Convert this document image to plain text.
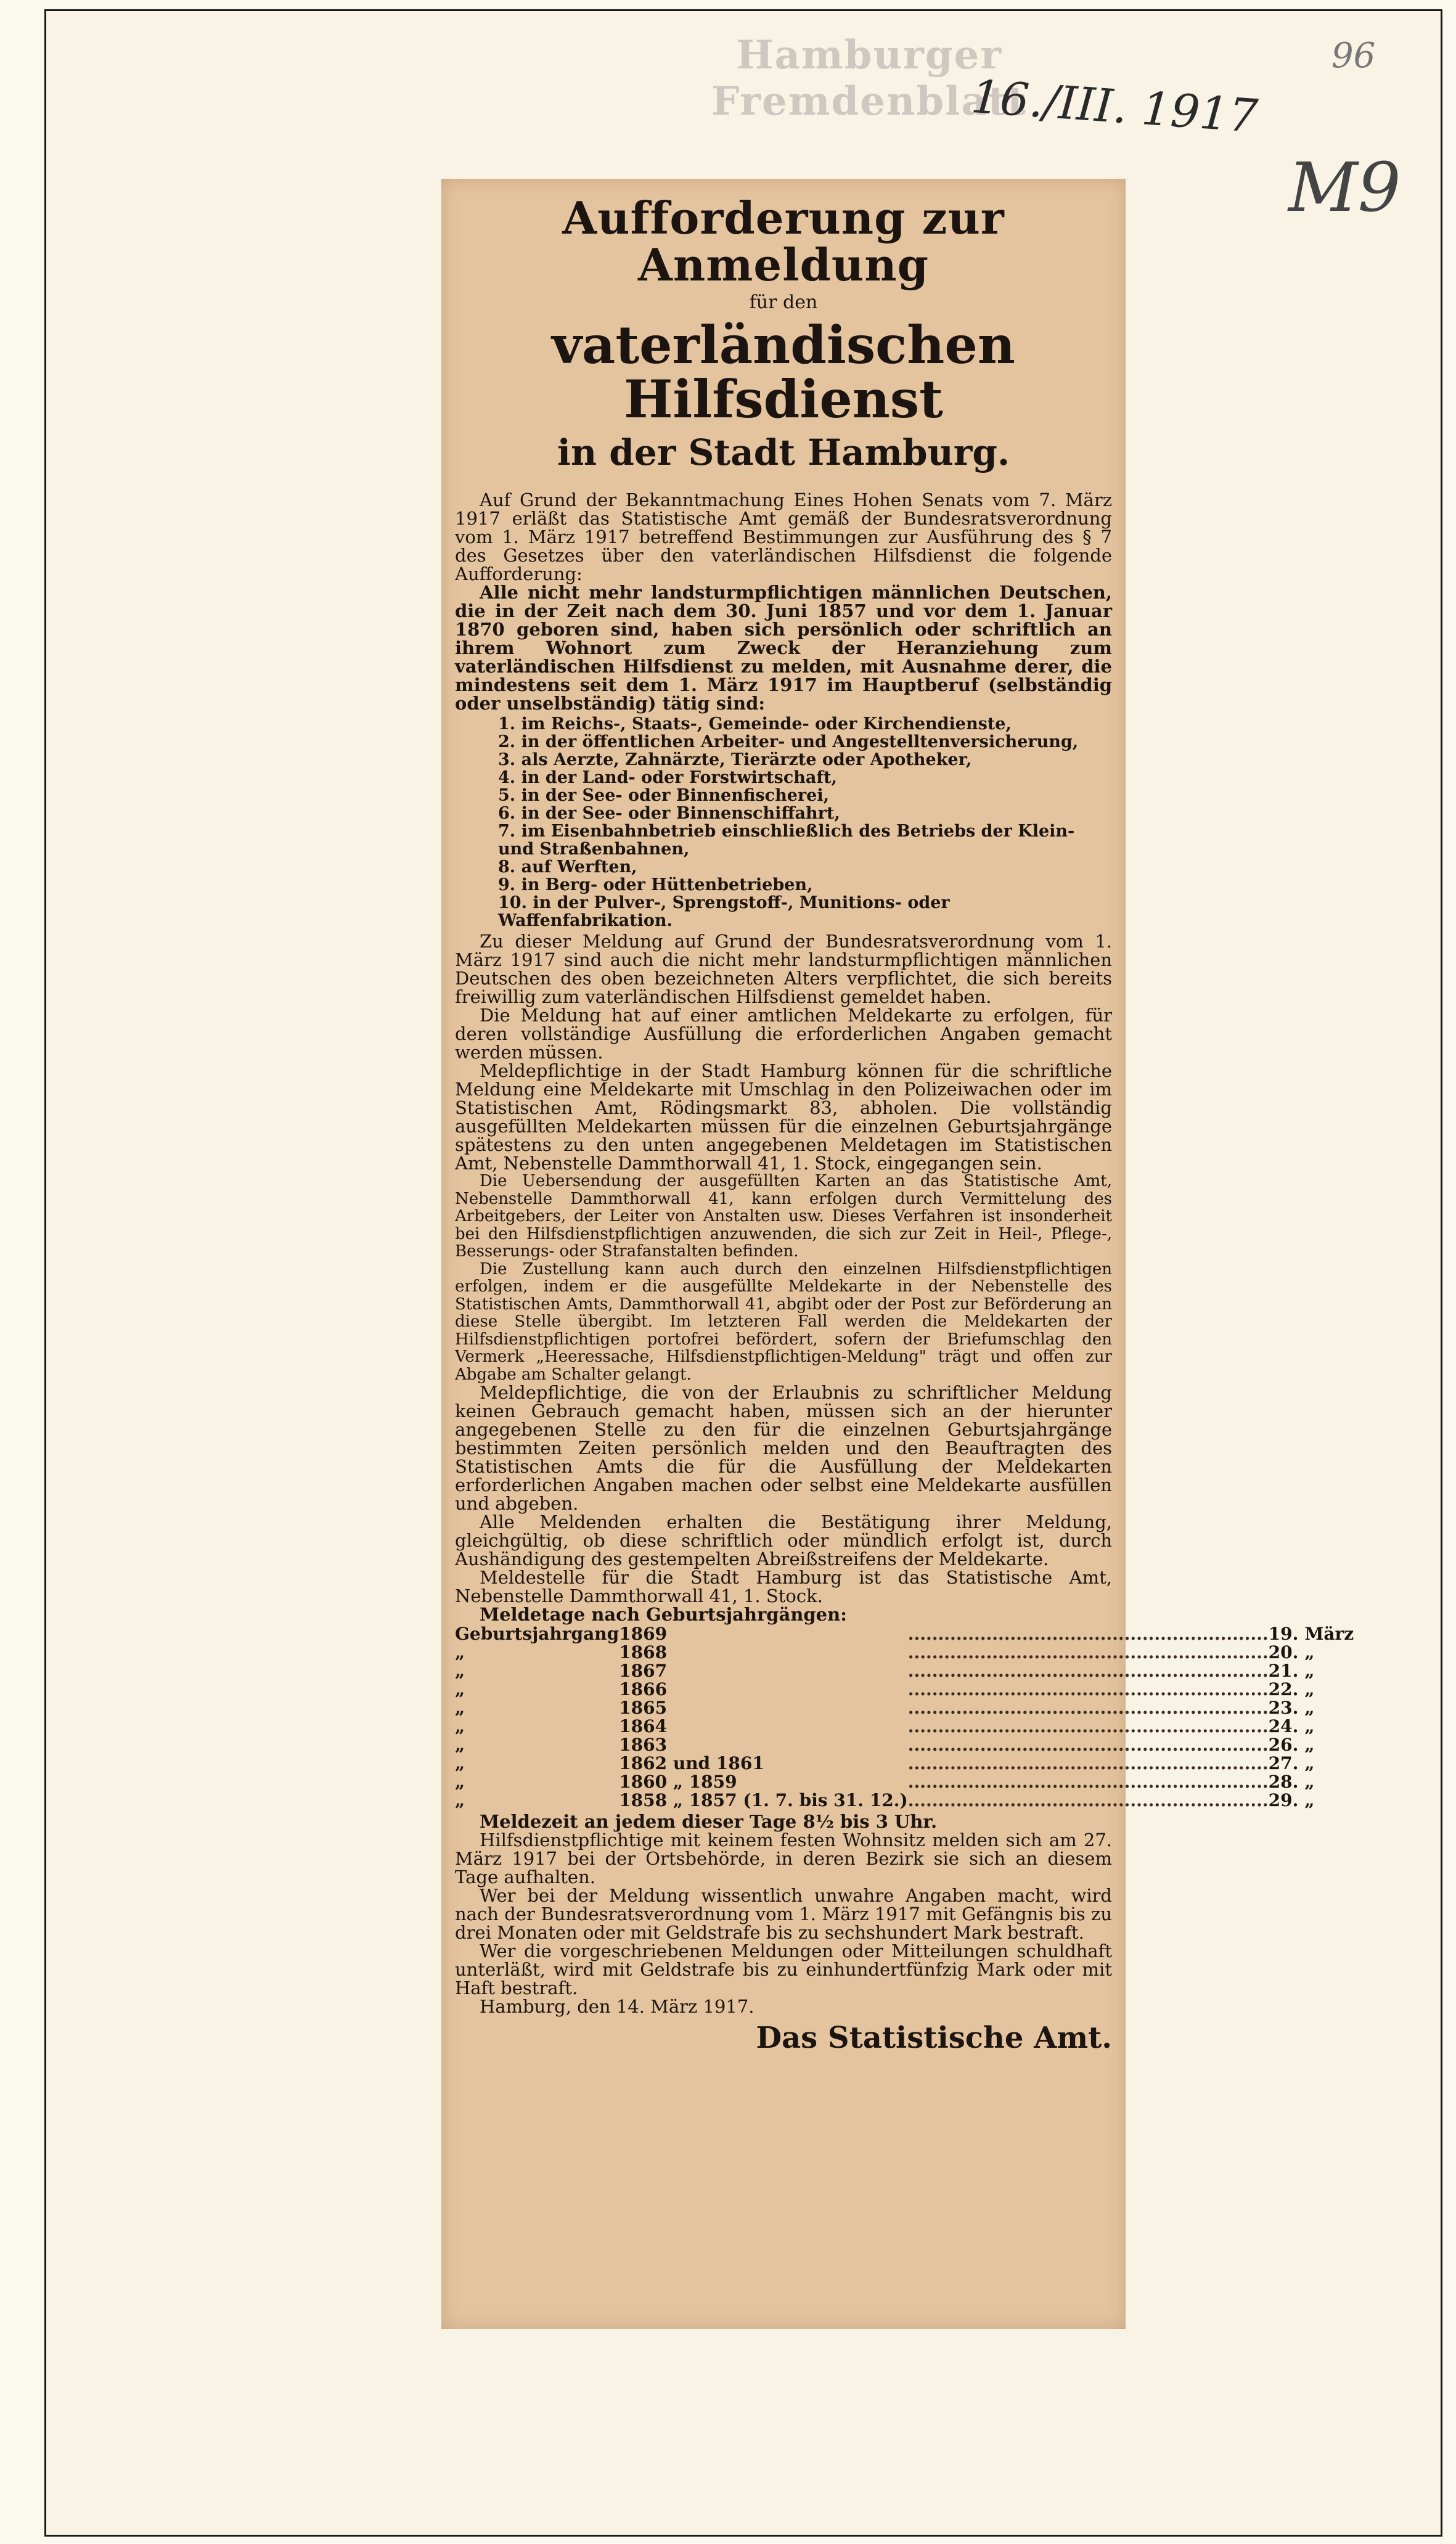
Hamburger Fremdenblatt
16./III. 1917
96
M9
Aufforderung zur Anmeldung
für den
vaterländischen Hilfsdienst
in der Stadt Hamburg.

Auf Grund der Bekanntmachung Eines Hohen Senats vom 7. März 1917 erläßt das Statistische Amt gemäß der Bundesratsverordnung vom 1. März 1917 betreffend Bestimmungen zur Ausführung des § 7 des Gesetzes über den vaterländischen Hilfsdienst die folgende Aufforderung:

Alle nicht mehr landsturmpflichtigen männlichen Deutschen, die in der Zeit nach dem 30. Juni 1857 und vor dem 1. Januar 1870 geboren sind, haben sich persönlich oder schriftlich an ihrem Wohnort zum Zweck der Heranziehung zum vaterländischen Hilfsdienst zu melden, mit Ausnahme derer, die mindestens seit dem 1. März 1917 im Hauptberuf (selbständig oder unselbständig) tätig sind:

1. im Reichs-, Staats-, Gemeinde- oder Kirchendienste,
2. in der öffentlichen Arbeiter- und Angestelltenversicherung,
3. als Aerzte, Zahnärzte, Tierärzte oder Apotheker,
4. in der Land- oder Forstwirtschaft,
5. in der See- oder Binnenfischerei,
6. in der See- oder Binnenschiffahrt,
7. im Eisenbahnbetrieb einschließlich des Betriebs der Klein- und Straßenbahnen,
8. auf Werften,
9. in Berg- oder Hüttenbetrieben,
10. in der Pulver-, Sprengstoff-, Munitions- oder Waffenfabrikation.

Zu dieser Meldung auf Grund der Bundesratsverordnung vom 1. März 1917 sind auch die nicht mehr landsturmpflichtigen männlichen Deutschen des oben bezeichneten Alters verpflichtet, die sich bereits freiwillig zum vaterländischen Hilfsdienst gemeldet haben.

Die Meldung hat auf einer amtlichen Meldekarte zu erfolgen, für deren vollständige Ausfüllung die erforderlichen Angaben gemacht werden müssen.

Meldepflichtige in der Stadt Hamburg können für die schriftliche Meldung eine Meldekarte mit Umschlag in den Polizeiwachen oder im Statistischen Amt, Rödingsmarkt 83, abholen. Die vollständig ausgefüllten Meldekarten müssen für die einzelnen Geburtsjahrgänge spätestens zu den unten angegebenen Meldetagen im Statistischen Amt, Nebenstelle Dammthorwall 41, 1. Stock, eingegangen sein.

Die Uebersendung der ausgefüllten Karten an das Statistische Amt, Nebenstelle Dammthorwall 41, kann erfolgen durch Vermittelung des Arbeitgebers, der Leiter von Anstalten usw. Dieses Verfahren ist insonderheit bei den Hilfsdienstpflichtigen anzuwenden, die sich zur Zeit in Heil-, Pflege-, Besserungs- oder Strafanstalten befinden.

Die Zustellung kann auch durch den einzelnen Hilfsdienstpflichtigen erfolgen, indem er die ausgefüllte Meldekarte in der Nebenstelle des Statistischen Amts, Dammthorwall 41, abgibt oder der Post zur Beförderung an diese Stelle übergibt. Im letzteren Fall werden die Meldekarten der Hilfsdienstpflichtigen portofrei befördert, sofern der Briefumschlag den Vermerk „Heeressache, Hilfsdienstpflichtigen-Meldung" trägt und offen zur Abgabe am Schalter gelangt.

Meldepflichtige, die von der Erlaubnis zu schriftlicher Meldung keinen Gebrauch gemacht haben, müssen sich an der hierunter angegebenen Stelle zu den für die einzelnen Geburtsjahrgänge bestimmten Zeiten persönlich melden und den Beauftragten des Statistischen Amts die für die Ausfüllung der Meldekarten erforderlichen Angaben machen oder selbst eine Meldekarte ausfüllen und abgeben.

Alle Meldenden erhalten die Bestätigung ihrer Meldung, gleichgültig, ob diese schriftlich oder mündlich erfolgt ist, durch Aushändigung des gestempelten Abreißstreifens der Meldekarte.

Meldestelle für die Stadt Hamburg ist das Statistische Amt, Nebenstelle Dammthorwall 41, 1. Stock.

Meldetage nach Geburtsjahrgängen:

Geburtsjahrgang	1869	............................................................	19.	März
„	1868	............................................................	20.	„
„	1867	............................................................	21.	„
„	1866	............................................................	22.	„
„	1865	............................................................	23.	„
„	1864	............................................................	24.	„
„	1863	............................................................	26.	„
„	1862 und 1861	............................................................	27.	„
„	1860 „ 1859	............................................................	28.	„
„	1858 „ 1857 (1. 7. bis 31. 12.)	............................................................	29.	„

Meldezeit an jedem dieser Tage 8½ bis 3 Uhr.

Hilfsdienstpflichtige mit keinem festen Wohnsitz melden sich am 27. März 1917 bei der Ortsbehörde, in deren Bezirk sie sich an diesem Tage aufhalten.

Wer bei der Meldung wissentlich unwahre Angaben macht, wird nach der Bundesratsverordnung vom 1. März 1917 mit Gefängnis bis zu drei Monaten oder mit Geldstrafe bis zu sechshundert Mark bestraft.

Wer die vorgeschriebenen Meldungen oder Mitteilungen schuldhaft unterläßt, wird mit Geldstrafe bis zu einhundertfünfzig Mark oder mit Haft bestraft.

Hamburg, den 14. März 1917.

Das Statistische Amt.
